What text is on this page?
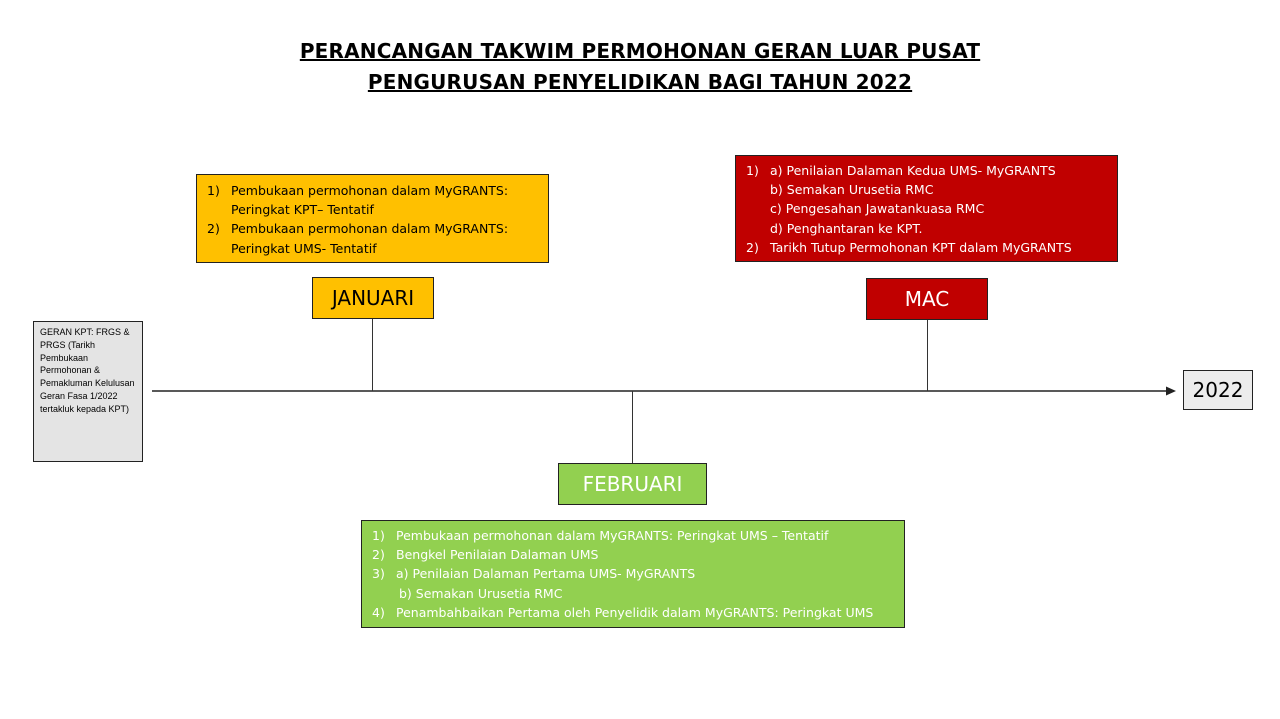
PERANCANGAN TAKWIM PERMOHONAN GERAN LUAR PUSAT
PENGURUSAN PENYELIDIKAN BAGI TAHUN 2022
GERAN KPT: FRGS & PRGS (Tarikh Pembukaan Permohonan & Pemakluman Kelulusan Geran Fasa 1/2022 tertakluk kepada KPT)
2022
1) Pembukaan permohonan dalam MyGRANTS:
Peringkat KPT– Tentatif
2) Pembukaan permohonan dalam MyGRANTS:
Peringkat UMS- Tentatif
JANUARI
1) a) Penilaian Dalaman Kedua UMS- MyGRANTS
b) Semakan Urusetia RMC
c) Pengesahan Jawatankuasa RMC
d) Penghantaran ke KPT.
2) Tarikh Tutup Permohonan KPT dalam MyGRANTS
MAC
FEBRUARI
1) Pembukaan permohonan dalam MyGRANTS: Peringkat UMS – Tentatif
2) Bengkel Penilaian Dalaman UMS
3) a) Penilaian Dalaman Pertama UMS- MyGRANTS
b) Semakan Urusetia RMC
4) Penambahbaikan Pertama oleh Penyelidik dalam MyGRANTS: Peringkat UMS
